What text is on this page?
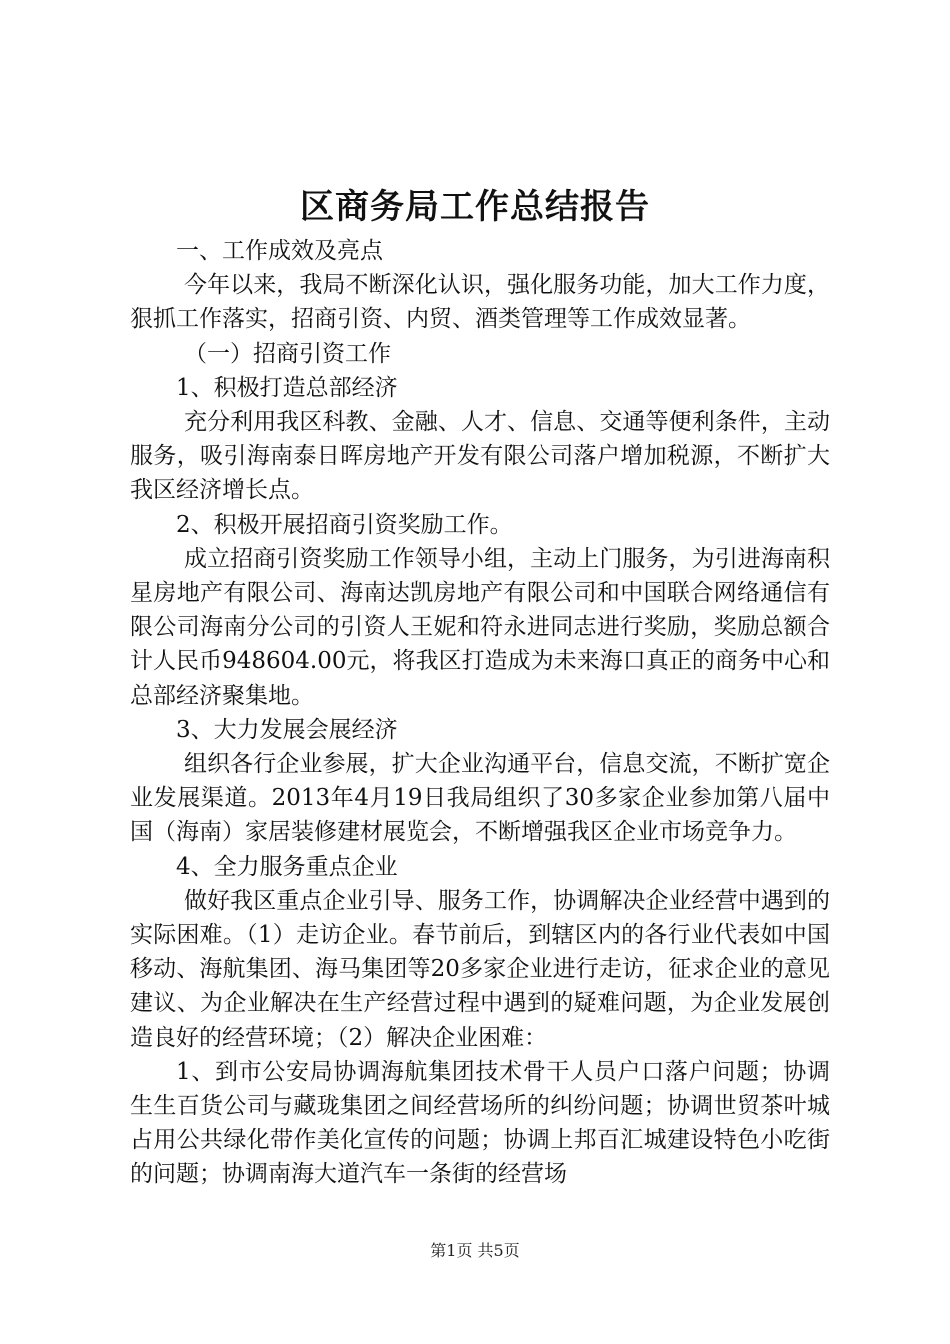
区商务局工作总结报告

一、工作成效及亮点

今年以来，我局不断深化认识，强化服务功能，加大工作力度，狠抓工作落实，招商引资、内贸、酒类管理等工作成效显著。

（一）招商引资工作

1、积极打造总部经济

充分利用我区科教、金融、人才、信息、交通等便利条件，主动服务，吸引海南泰日晖房地产开发有限公司落户增加税源，不断扩大我区经济增长点。

2、积极开展招商引资奖励工作。

成立招商引资奖励工作领导小组，主动上门服务，为引进海南积星房地产有限公司、海南达凯房地产有限公司和中国联合网络通信有限公司海南分公司的引资人王妮和符永进同志进行奖励，奖励总额合计人民币948604.00元，将我区打造成为未来海口真正的商务中心和总部经济聚集地。

3、大力发展会展经济

组织各行企业参展，扩大企业沟通平台，信息交流，不断扩宽企业发展渠道。2013年4月19日我局组织了30多家企业参加第八届中国（海南）家居装修建材展览会，不断增强我区企业市场竞争力。

4、全力服务重点企业

做好我区重点企业引导、服务工作，协调解决企业经营中遇到的实际困难。（1）走访企业。春节前后，到辖区内的各行业代表如中国移动、海航集团、海马集团等20多家企业进行走访，征求企业的意见建议、为企业解决在生产经营过程中遇到的疑难问题，为企业发展创造良好的经营环境；（2）解决企业困难：

1、到市公安局协调海航集团技术骨干人员户口落户问题；协调生生百货公司与藏珑集团之间经营场所的纠纷问题；协调世贸茶叶城占用公共绿化带作美化宣传的问题；协调上邦百汇城建设特色小吃街的问题；协调南海大道汽车一条街的经营场

第1页 共5页
